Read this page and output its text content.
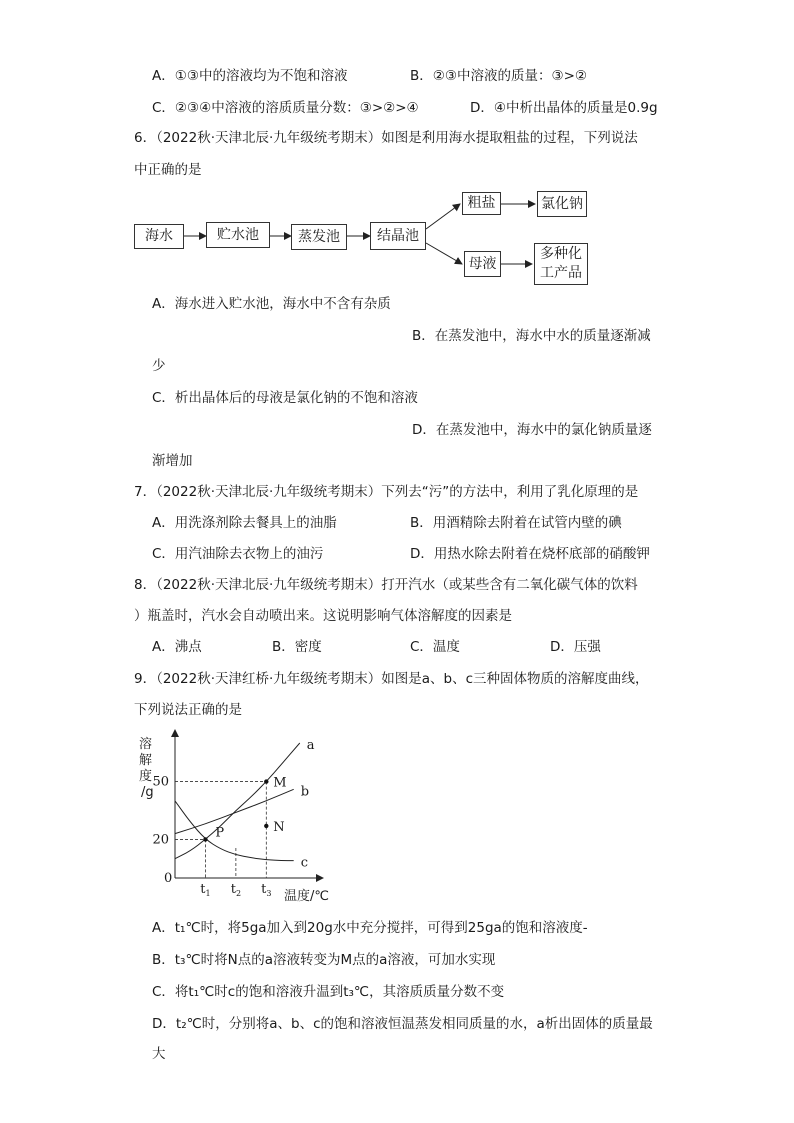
A．①③中的溶液均为不饱和溶液	B．②③中溶液的质量：③>②
C．②③④中溶液的溶质质量分数：③>②>④	D．④中析出晶体的质量是0.9g
6．（2022秋·天津北辰·九年级统考期末）如图是利用海水提取粗盐的过程，下列说法
中正确的是
海水	贮水池	蒸发池	结晶池
粗盐	氯化钠
母液
多种化工产品
A．海水进入贮水池，海水中不含有杂质
B．在蒸发池中，海水中水的质量逐渐减
少
C．析出晶体后的母液是氯化钠的不饱和溶液
D．在蒸发池中，海水中的氯化钠质量逐
渐增加
7．（2022秋·天津北辰·九年级统考期末）下列去“污”的方法中，利用了乳化原理的是
A．用洗涤剂除去餐具上的油脂	B．用酒精除去附着在试管内壁的碘
C．用汽油除去衣物上的油污	D．用热水除去附着在烧杯底部的硝酸钾
8．（2022秋·天津北辰·九年级统考期末）打开汽水（或某些含有二氧化碳气体的饮料
）瓶盖时，汽水会自动喷出来。这说明影响气体溶解度的因素是
A．沸点	B．密度	C．温度	D．压强
9．（2022秋·天津红桥·九年级统考期末）如图是a、b、c三种固体物质的溶解度曲线，
下列说法正确的是
溶
解
度
/g
温度/℃
0
20
50
$t_1$ $t_2$ $t_3$
a
b
c
P
M
N
A．t₁℃时，将5ga加入到20g水中充分搅拌，可得到25ga的饱和溶液度-
B．t₃℃时将N点的a溶液转变为M点的a溶液，可加水实现
C．将t₁℃时c的饱和溶液升温到t₃℃，其溶质质量分数不变
D．t₂℃时，分别将a、b、c的饱和溶液恒温蒸发相同质量的水，a析出固体的质量最
大
